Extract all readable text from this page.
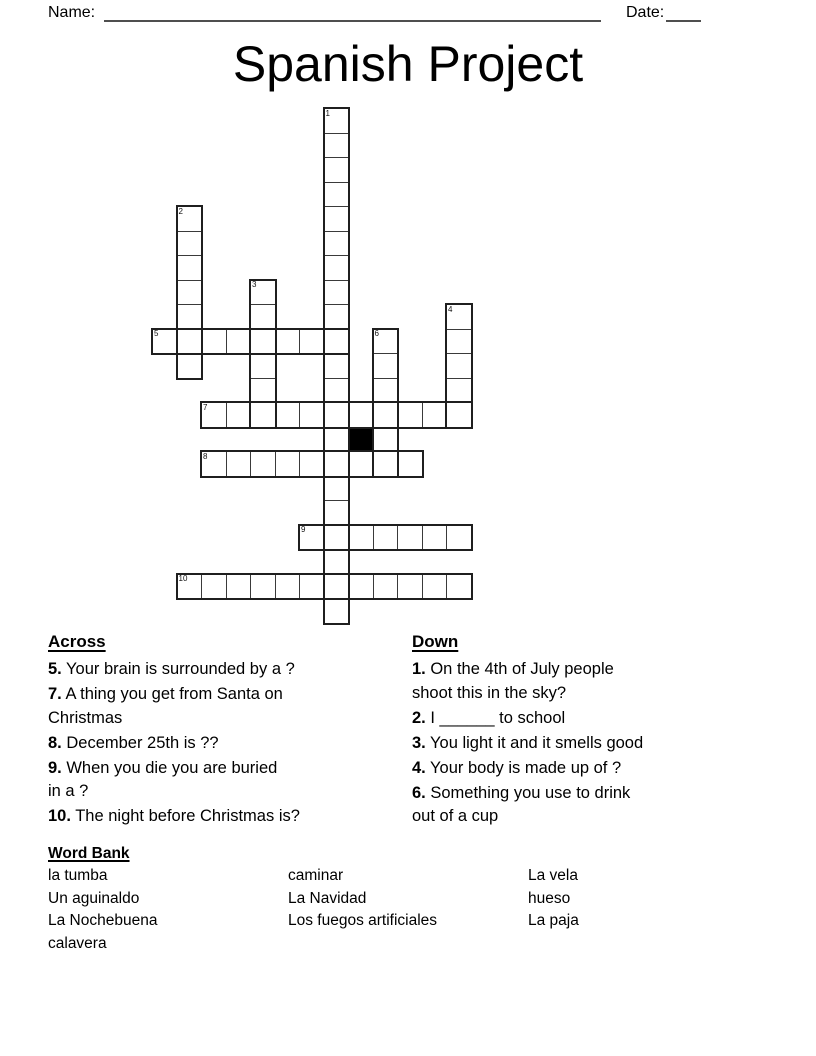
Name:	Date:
Spanish Project
1
2
3
4
5	6
7
8
9
10
Across
5. Your brain is surrounded by a ?
7. A thing you get from Santa on
Christmas
8. December 25th is ??
9. When you die you are buried
in a ?
10. The night before Christmas is?
Down
1. On the 4th of July people
shoot this in the sky?
2. I ______ to school
3. You light it and it smells good
4. Your body is made up of ?
6. Something you use to drink
out of a cup
Word Bank
la tumba
Un aguinaldo
La Nochebuena
calavera
caminar
La Navidad
Los fuegos artificiales
La vela
hueso
La paja
